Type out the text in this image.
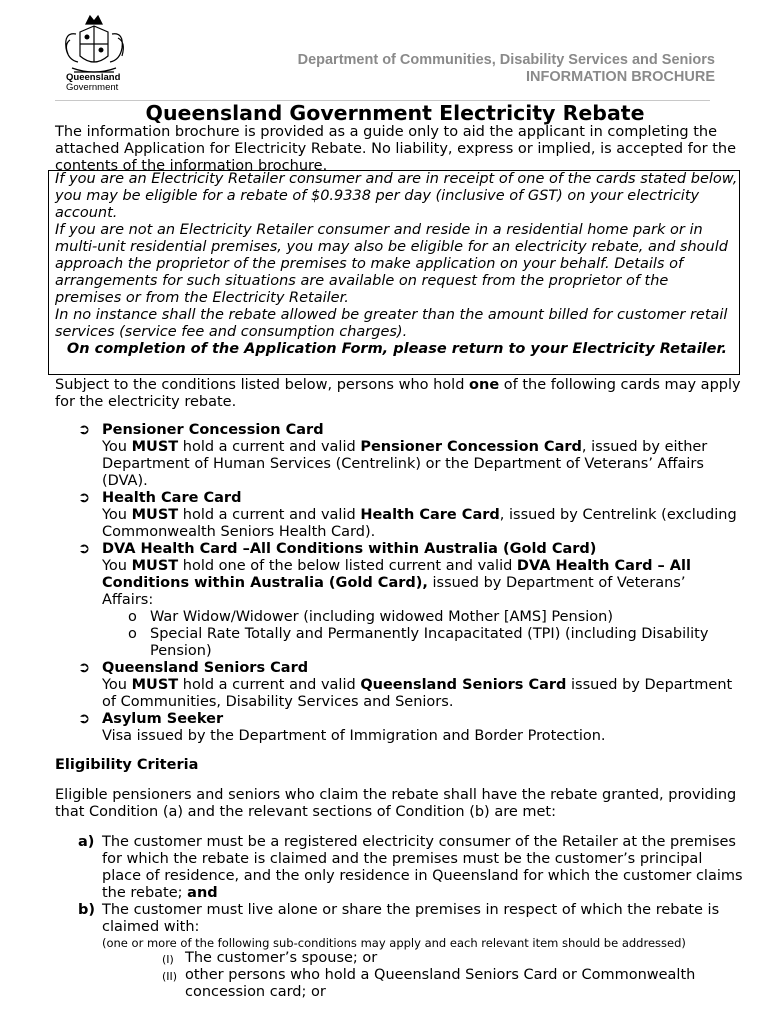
Queensland
Government
Department of Communities, Disability Services and Seniors
INFORMATION BROCHURE
Queensland Government Electricity Rebate
The information brochure is provided as a guide only to aid the applicant in completing the attached Application for Electricity Rebate. No liability, express or implied, is accepted for the contents of the information brochure.

If you are an Electricity Retailer consumer and are in receipt of one of the cards stated below, you may be eligible for a rebate of $0.9338 per day (inclusive of GST) on your electricity account.

If you are not an Electricity Retailer consumer and reside in a residential home park or in multi-unit residential premises, you may also be eligible for an electricity rebate, and should approach the proprietor of the premises to make application on your behalf. Details of arrangements for such situations are available on request from the proprietor of the premises or from the Electricity Retailer.

In no instance shall the rebate allowed be greater than the amount billed for customer retail services (service fee and consumption charges).

On completion of the Application Form, please return to your Electricity Retailer.

Subject to the conditions listed below, persons who hold one of the following cards may apply for the electricity rebate.
➲ Pensioner Concession Card
You MUST hold a current and valid Pensioner Concession Card, issued by either Department of Human Services (Centrelink) or the Department of Veterans’ Affairs (DVA).
➲ Health Care Card
You MUST hold a current and valid Health Care Card, issued by Centrelink (excluding Commonwealth Seniors Health Card).
➲ DVA Health Card –All Conditions within Australia (Gold Card)
You MUST hold one of the below listed current and valid DVA Health Card – All Conditions within Australia (Gold Card), issued by Department of Veterans’ Affairs:
o War Widow/Widower (including widowed Mother [AMS] Pension)
o Special Rate Totally and Permanently Incapacitated (TPI) (including Disability Pension)
➲ Queensland Seniors Card
You MUST hold a current and valid Queensland Seniors Card issued by Department of Communities, Disability Services and Seniors.
➲ Asylum Seeker
Visa issued by the Department of Immigration and Border Protection.
Eligibility Criteria
Eligible pensioners and seniors who claim the rebate shall have the rebate granted, providing that Condition (a) and the relevant sections of Condition (b) are met:
a) The customer must be a registered electricity consumer of the Retailer at the premises for which the rebate is claimed and the premises must be the customer’s principal place of residence, and the only residence in Queensland for which the customer claims the rebate; and
b) The customer must live alone or share the premises in respect of which the rebate is claimed with:
(one or more of the following sub-conditions may apply and each relevant item should be addressed)
(I) The customer’s spouse; or
(II) other persons who hold a Queensland Seniors Card or Commonwealth concession card; or
